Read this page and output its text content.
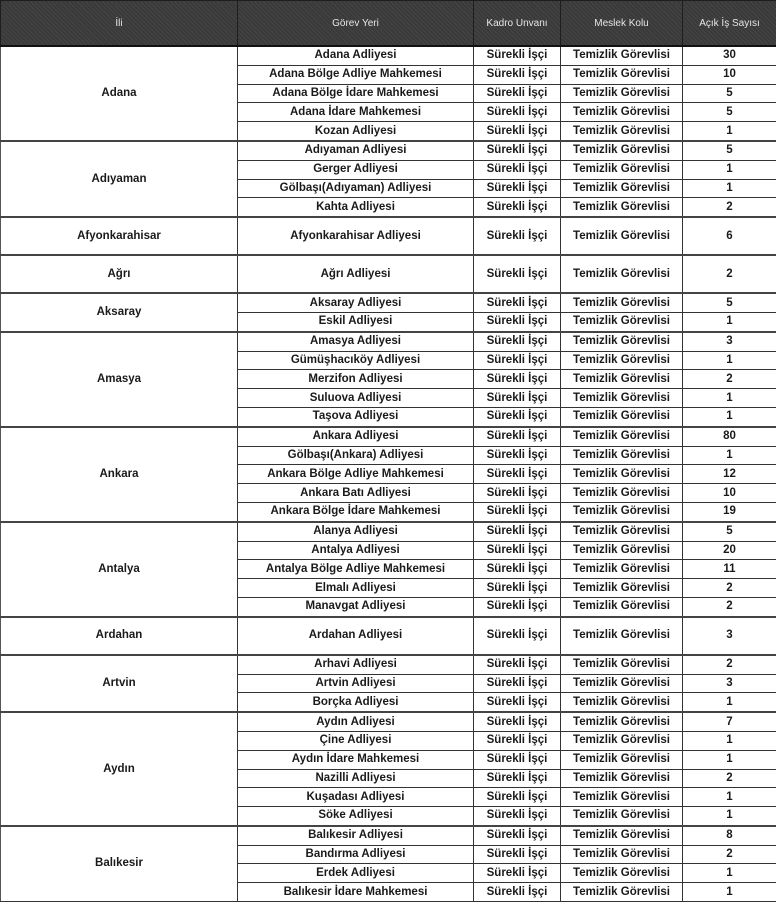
İli	Görev Yeri	Kadro Unvanı	Meslek Kolu	Açık İş Sayısı
Adana	Adana Adliyesi	Sürekli İşçi	Temizlik Görevlisi	30
	Adana Bölge Adliye Mahkemesi	Sürekli İşçi	Temizlik Görevlisi	10
	Adana Bölge İdare Mahkemesi	Sürekli İşçi	Temizlik Görevlisi	5
	Adana İdare Mahkemesi	Sürekli İşçi	Temizlik Görevlisi	5
	Kozan Adliyesi	Sürekli İşçi	Temizlik Görevlisi	1
Adıyaman	Adıyaman Adliyesi	Sürekli İşçi	Temizlik Görevlisi	5
	Gerger Adliyesi	Sürekli İşçi	Temizlik Görevlisi	1
	Gölbaşı(Adıyaman) Adliyesi	Sürekli İşçi	Temizlik Görevlisi	1
	Kahta Adliyesi	Sürekli İşçi	Temizlik Görevlisi	2
Afyonkarahisar	Afyonkarahisar Adliyesi	Sürekli İşçi	Temizlik Görevlisi	6
Ağrı	Ağrı Adliyesi	Sürekli İşçi	Temizlik Görevlisi	2
Aksaray	Aksaray Adliyesi	Sürekli İşçi	Temizlik Görevlisi	5
	Eskil Adliyesi	Sürekli İşçi	Temizlik Görevlisi	1
Amasya	Amasya Adliyesi	Sürekli İşçi	Temizlik Görevlisi	3
	Gümüşhacıköy Adliyesi	Sürekli İşçi	Temizlik Görevlisi	1
	Merzifon Adliyesi	Sürekli İşçi	Temizlik Görevlisi	2
	Suluova Adliyesi	Sürekli İşçi	Temizlik Görevlisi	1
	Taşova Adliyesi	Sürekli İşçi	Temizlik Görevlisi	1
Ankara	Ankara Adliyesi	Sürekli İşçi	Temizlik Görevlisi	80
	Gölbaşı(Ankara) Adliyesi	Sürekli İşçi	Temizlik Görevlisi	1
	Ankara Bölge Adliye Mahkemesi	Sürekli İşçi	Temizlik Görevlisi	12
	Ankara Batı Adliyesi	Sürekli İşçi	Temizlik Görevlisi	10
	Ankara Bölge İdare Mahkemesi	Sürekli İşçi	Temizlik Görevlisi	19
Antalya	Alanya Adliyesi	Sürekli İşçi	Temizlik Görevlisi	5
	Antalya Adliyesi	Sürekli İşçi	Temizlik Görevlisi	20
	Antalya Bölge Adliye Mahkemesi	Sürekli İşçi	Temizlik Görevlisi	11
	Elmalı Adliyesi	Sürekli İşçi	Temizlik Görevlisi	2
	Manavgat Adliyesi	Sürekli İşçi	Temizlik Görevlisi	2
Ardahan	Ardahan Adliyesi	Sürekli İşçi	Temizlik Görevlisi	3
Artvin	Arhavi Adliyesi	Sürekli İşçi	Temizlik Görevlisi	2
	Artvin Adliyesi	Sürekli İşçi	Temizlik Görevlisi	3
	Borçka Adliyesi	Sürekli İşçi	Temizlik Görevlisi	1
Aydın	Aydın Adliyesi	Sürekli İşçi	Temizlik Görevlisi	7
	Çine Adliyesi	Sürekli İşçi	Temizlik Görevlisi	1
	Aydın İdare Mahkemesi	Sürekli İşçi	Temizlik Görevlisi	1
	Nazilli Adliyesi	Sürekli İşçi	Temizlik Görevlisi	2
	Kuşadası Adliyesi	Sürekli İşçi	Temizlik Görevlisi	1
	Söke Adliyesi	Sürekli İşçi	Temizlik Görevlisi	1
Balıkesir	Balıkesir Adliyesi	Sürekli İşçi	Temizlik Görevlisi	8
	Bandırma Adliyesi	Sürekli İşçi	Temizlik Görevlisi	2
	Erdek Adliyesi	Sürekli İşçi	Temizlik Görevlisi	1
	Balıkesir İdare Mahkemesi	Sürekli İşçi	Temizlik Görevlisi	1
